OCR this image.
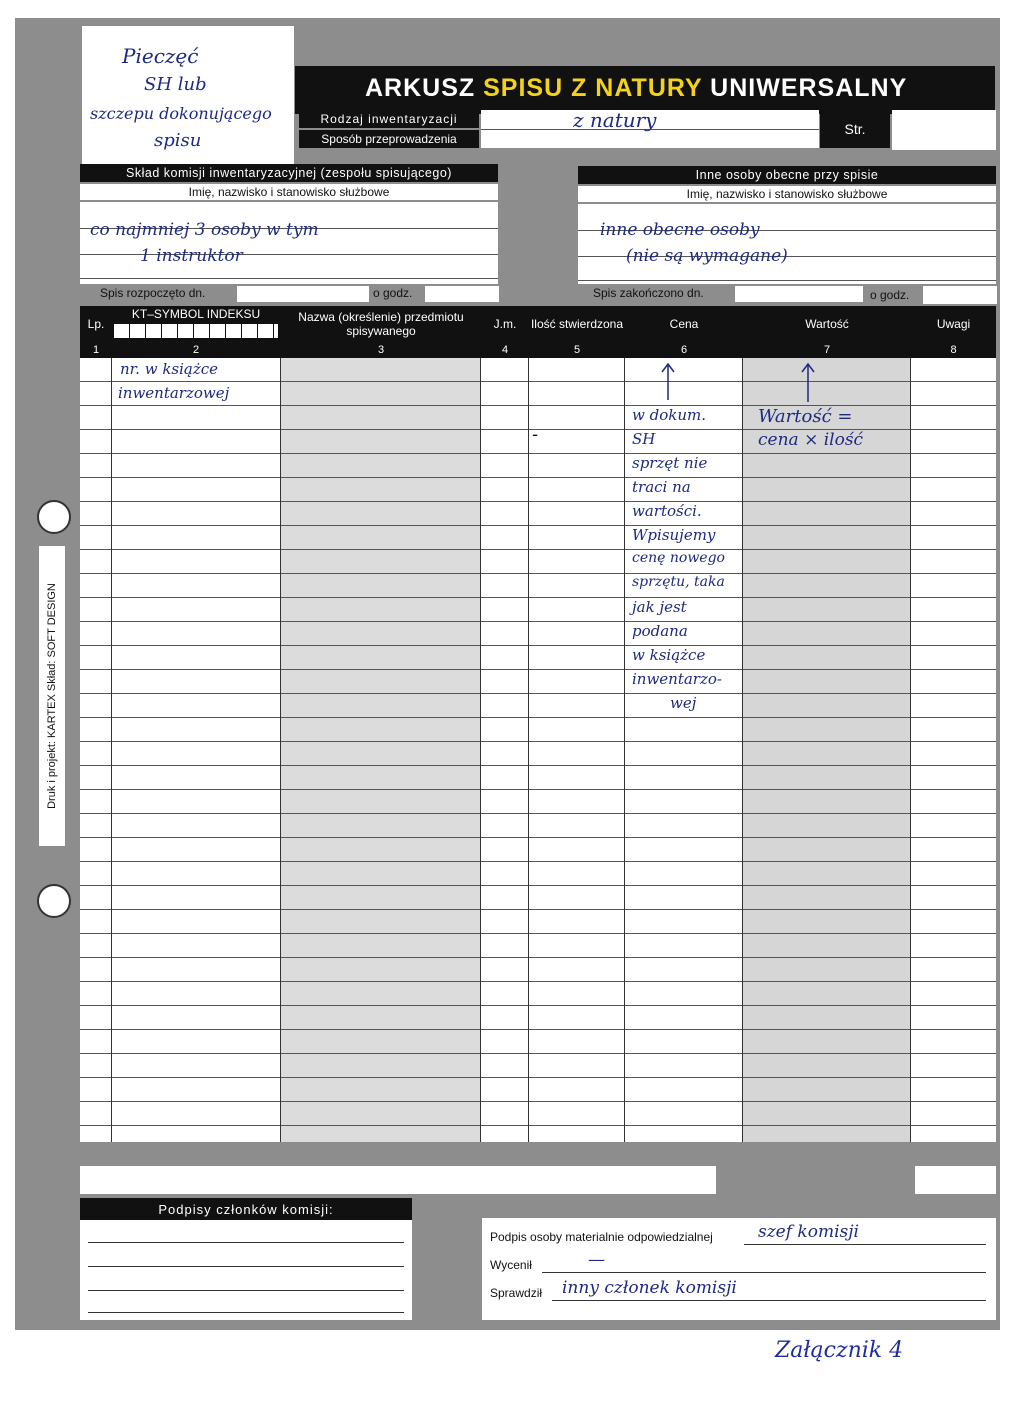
Pieczęć
SH lub
szczepu dokonującego
spisu
ARKUSZ SPISU Z NATURY UNIWERSALNY
Rodzaj inwentaryzacji
Sposób przeprowadzenia
z natury	Str.
Skład komisji inwentaryzacyjnej (zespołu spisującego)
Imię, nazwisko i stanowisko służbowe
co najmniej 3 osoby w tym
1 instruktor
Inne osoby obecne przy spisie
Imię, nazwisko i stanowisko służbowe
inne obecne osoby
(nie są wymagane)
Spis rozpoczęto dn.	o godz.	Spis zakończono dn.	o godz.
Lp.
KT–SYMBOL INDEKSU	Nazwa (określenie) przedmiotu spisywanego	J.m.	Ilość stwierdzona	Cena	Wartość	Uwagi
1	2	3	4	5	6	7	8
nr. w książce
inwentarzowej
-
w dokum.
SH
sprzęt nie
traci na
wartości.
Wpisujemy
cenę nowego
sprzętu, taka
jak jest
podana
w książce
inwentarzo-
wej
Wartość =
cena × ilość
Druk i projekt: KARTEX Skład: SOFT DESIGN
Podpisy członków komisji:
Podpis osoby materialnie odpowiedzialnej	szef komisji
Wycenił	—
Sprawdził inny członek komisji
Załącznik 4
